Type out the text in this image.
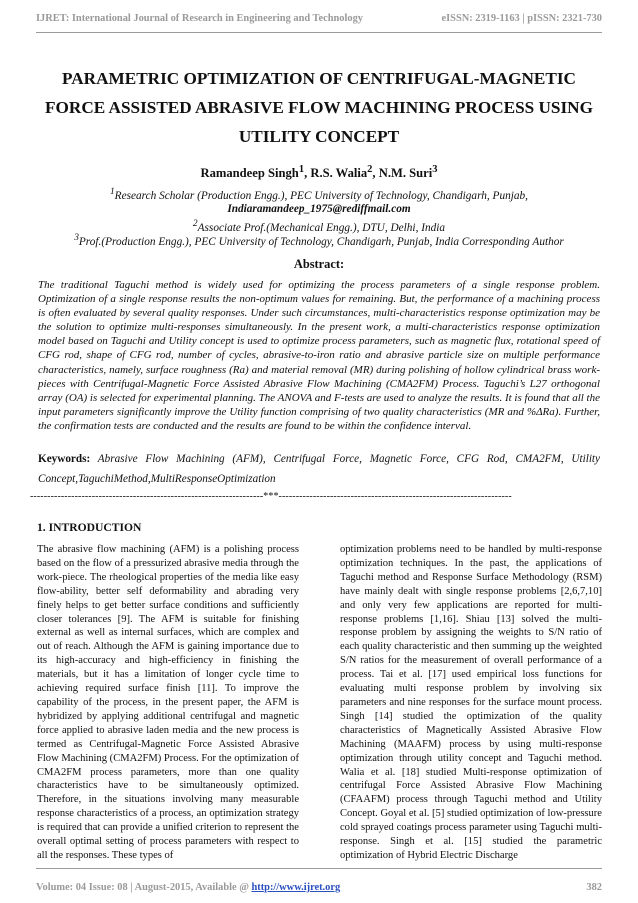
IJRET: International Journal of Research in Engineering and Technology	eISSN: 2319-1163 | pISSN: 2321-730
PARAMETRIC OPTIMIZATION OF CENTRIFUGAL-MAGNETIC FORCE ASSISTED ABRASIVE FLOW MACHINING PROCESS USING UTILITY CONCEPT
Ramandeep Singh$^1$, R.S. Walia$^2$, N.M. Suri$^3$
$^1$Research Scholar (Production Engg.), PEC University of Technology, Chandigarh, Punjab,
Indiaramandeep_1975@rediffmail.com
$^2$Associate Prof.(Mechanical Engg.), DTU, Delhi, India
$^3$Prof.(Production Engg.), PEC University of Technology, Chandigarh, Punjab, India Corresponding Author
Abstract:

The traditional Taguchi method is widely used for optimizing the process parameters of a single response problem. Optimization of a single response results the non-optimum values for remaining. But, the performance of a machining process is often evaluated by several quality responses. Under such circumstances, multi-characteristics response optimization may be the solution to optimize multi-responses simultaneously. In the present work, a multi-characteristics response optimization model based on Taguchi and Utility concept is used to optimize process parameters, such as magnetic flux, rotational speed of CFG rod, shape of CFG rod, number of cycles, abrasive-to-iron ratio and abrasive particle size on multiple performance characteristics, namely, surface roughness (Ra) and material removal (MR) during polishing of hollow cylindrical brass work-pieces with Centrifugal-Magnetic Force Assisted Abrasive Flow Machining (CMA2FM) Process. Taguchi’s L27 orthogonal array (OA) is selected for experimental planning. The ANOVA and F-tests are used to analyze the results. It is found that all the input parameters significantly improve the Utility function comprising of two quality characteristics (MR and %ΔRa). Further, the confirmation tests are conducted and the results are found to be within the confidence interval.

Keywords: Abrasive Flow Machining (AFM), Centrifugal Force, Magnetic Force, CFG Rod, CMA2FM, Utility Concept,TaguchiMethod,MultiResponseOptimization

--------------------------------------------------------------------***--------------------------------------------------------------------
1. INTRODUCTION

The abrasive flow machining (AFM) is a polishing process based on the flow of a pressurized abrasive media through the work-piece. The rheological properties of the media like easy flow-ability, better self deformability and abrading very finely helps to get better surface conditions and sufficiently closer tolerances [9]. The AFM is suitable for finishing external as well as internal surfaces, which are complex and out of reach. Although the AFM is gaining importance due to its high-accuracy and high-efficiency in finishing the materials, but it has a limitation of longer cycle time to achieving required surface finish [11]. To improve the capability of the process, in the present paper, the AFM is hybridized by applying additional centrifugal and magnetic force applied to abrasive laden media and the new process is termed as Centrifugal-Magnetic Force Assisted Abrasive Flow Machining (CMA2FM) Process. For the optimization of CMA2FM process parameters, more than one quality characteristics have to be simultaneously optimized. Therefore, in the situations involving many measurable response characteristics of a process, an optimization strategy is required that can provide a unified criterion to represent the overall optimal setting of process parameters with respect to all the responses. These types of

optimization problems need to be handled by multi-response optimization techniques. In the past, the applications of Taguchi method and Response Surface Methodology (RSM) have mainly dealt with single response problems [2,6,7,10] and only very few applications are reported for multi-response problems [1,16]. Shiau [13] solved the multi-response problem by assigning the weights to S/N ratio of each quality characteristic and then summing up the weighted S/N ratios for the measurement of overall performance of a process. Tai et al. [17] used empirical loss functions for evaluating multi response problem by involving six parameters and nine responses for the surface mount process. Singh [14] studied the optimization of the quality characteristics of Magnetically Assisted Abrasive Flow Machining (MAAFM) process by using multi-response optimization through utility concept and Taguchi method. Walia et al. [18] studied Multi-response optimization of centrifugal Force Assisted Abrasive Flow Machining (CFAAFM) process through Taguchi method and Utility Concept. Goyal et al. [5] studied optimization of low-pressure cold sprayed coatings process parameter using Taguchi multi-response. Singh et al. [15] studied the parametric optimization of Hybrid Electric Discharge

Volume: 04 Issue: 08 | August-2015, Available @ http://www.ijret.org	382
